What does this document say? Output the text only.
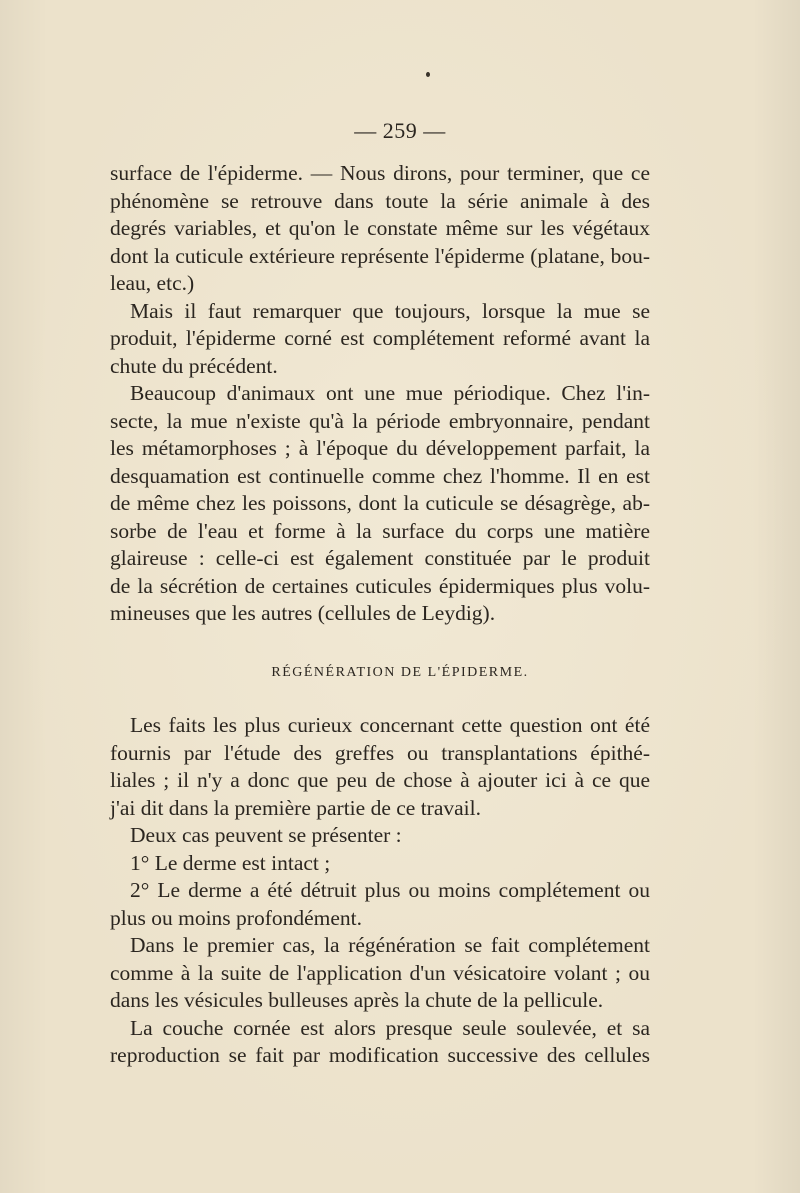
— 259 —
surface de l'épiderme. — Nous dirons, pour terminer, que ce
phénomène se retrouve dans toute la série animale à des
degrés variables, et qu'on le constate même sur les végétaux
dont la cuticule extérieure représente l'épiderme (platane, bou-
leau, etc.)
Mais il faut remarquer que toujours, lorsque la mue se
produit, l'épiderme corné est complétement reformé avant la
chute du précédent.
Beaucoup d'animaux ont une mue périodique. Chez l'in-
secte, la mue n'existe qu'à la période embryonnaire, pendant
les métamorphoses ; à l'époque du développement parfait, la
desquamation est continuelle comme chez l'homme. Il en est
de même chez les poissons, dont la cuticule se désagrège, ab-
sorbe de l'eau et forme à la surface du corps une matière
glaireuse : celle-ci est également constituée par le produit
de la sécrétion de certaines cuticules épidermiques plus volu-
mineuses que les autres (cellules de Leydig).
RÉGÉNÉRATION DE L'ÉPIDERME.
Les faits les plus curieux concernant cette question ont été
fournis par l'étude des greffes ou transplantations épithé-
liales ; il n'y a donc que peu de chose à ajouter ici à ce que
j'ai dit dans la première partie de ce travail.
Deux cas peuvent se présenter :
1° Le derme est intact ;
2° Le derme a été détruit plus ou moins complétement ou
plus ou moins profondément.
Dans le premier cas, la régénération se fait complétement
comme à la suite de l'application d'un vésicatoire volant ; ou
dans les vésicules bulleuses après la chute de la pellicule.
La couche cornée est alors presque seule soulevée, et sa
reproduction se fait par modification successive des cellules
